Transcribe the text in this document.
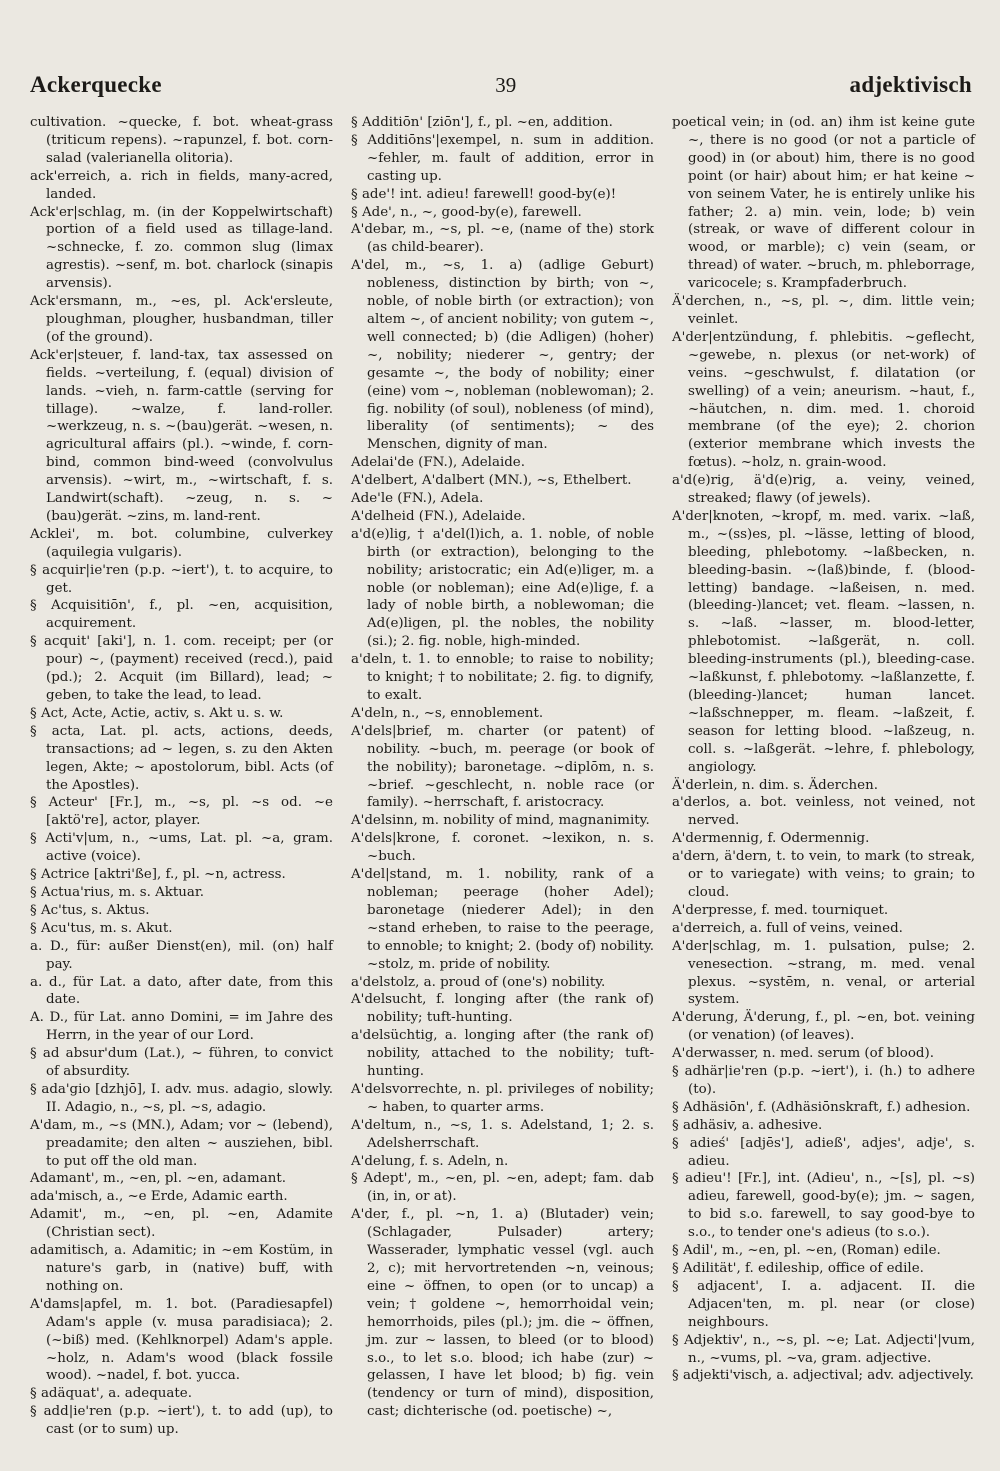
Ackerquecke	39	adjektivisch

cultivation. ~quecke, f. bot. wheat-grass (triticum repens). ~rapunzel, f. bot. corn-salad (valerianella olitoria).

ack'erreich, a. rich in fields, many-acred, landed.

Ack'er|schlag, m. (in der Koppelwirtschaft) portion of a field used as tillage-land. ~schnecke, f. zo. common slug (limax agrestis). ~senf, m. bot. charlock (sinapis arvensis).

Ack'ersmann, m., ~es, pl. Ack'ersleute, ploughman, plougher, husbandman, tiller (of the ground).

Ack'er|steuer, f. land-tax, tax assessed on fields. ~verteilung, f. (equal) division of lands. ~vieh, n. farm-cattle (serving for tillage). ~walze, f. land-roller. ~werkzeug, n. s. ~(bau)gerät. ~wesen, n. agricultural affairs (pl.). ~winde, f. corn-bind, common bind-weed (convolvulus arvensis). ~wirt, m., ~wirtschaft, f. s. Landwirt(schaft). ~zeug, n. s. ~(bau)gerät. ~zins, m. land-rent.

Acklei', m. bot. columbine, culverkey (aquilegia vulgaris).

§ acquir|ie'ren (p.p. ~iert'), t. to acquire, to get.

§ Acquisitiōn', f., pl. ~en, acquisition, acquirement.

§ acquit' [aki'], n. 1. com. receipt; per (or pour) ~, (payment) received (recd.), paid (pd.); 2. Acquit (im Billard), lead; ~ geben, to take the lead, to lead.

§ Act, Acte, Actie, activ, s. Akt u. s. w.

§ acta, Lat. pl. acts, actions, deeds, transactions; ad ~ legen, s. zu den Akten legen, Akte; ~ apostolorum, bibl. Acts (of the Apostles).

§ Acteur' [Fr.], m., ~s, pl. ~s od. ~e [aktö're], actor, player.

§ Acti'v|um, n., ~ums, Lat. pl. ~a, gram. active (voice).

§ Actrice [aktri'ße], f., pl. ~n, actress.

§ Actua'rius, m. s. Aktuar.

§ Ac'tus, s. Aktus.

§ Acu'tus, m. s. Akut.

a. D., für: außer Dienst(en), mil. (on) half pay.

a. d., für Lat. a dato, after date, from this date.

A. D., für Lat. anno Domini, = im Jahre des Herrn, in the year of our Lord.

§ ad absur'dum (Lat.), ~ führen, to convict of absurdity.

§ ada'gio [dzhjō], I. adv. mus. adagio, slowly. II. Adagio, n., ~s, pl. ~s, adagio.

A'dam, m., ~s (MN.), Adam; vor ~ (lebend), preadamite; den alten ~ ausziehen, bibl. to put off the old man.

Adamant', m., ~en, pl. ~en, adamant.

ada'misch, a., ~e Erde, Adamic earth.

Adamit', m., ~en, pl. ~en, Adamite (Christian sect).

adamitisch, a. Adamitic; in ~em Kostüm, in nature's garb, in (native) buff, with nothing on.

A'dams|apfel, m. 1. bot. (Paradiesapfel) Adam's apple (v. musa paradisiaca); 2. (~biß) med. (Kehlknorpel) Adam's apple. ~holz, n. Adam's wood (black fossile wood). ~nadel, f. bot. yucca.

§ adäquat', a. adequate.

§ add|ie'ren (p.p. ~iert'), t. to add (up), to cast (or to sum) up.

§ Additiōn' [ziōn'], f., pl. ~en, addition.

§ Additiōns'|exempel, n. sum in addition. ~fehler, m. fault of addition, error in casting up.

§ ade'! int. adieu! farewell! good-by(e)!

§ Ade', n., ~, good-by(e), farewell.

A'debar, m., ~s, pl. ~e, (name of the) stork (as child-bearer).

A'del, m., ~s, 1. a) (adlige Geburt) nobleness, distinction by birth; von ~, noble, of noble birth (or extraction); von altem ~, of ancient nobility; von gutem ~, well connected; b) (die Adligen) (hoher) ~, nobility; niederer ~, gentry; der gesamte ~, the body of nobility; einer (eine) vom ~, nobleman (noblewoman); 2. fig. nobility (of soul), nobleness (of mind), liberality (of sentiments); ~ des Menschen, dignity of man.

Adelai'de (FN.), Adelaide.

A'delbert, A'dalbert (MN.), ~s, Ethelbert.

Ade'le (FN.), Adela.

A'delheid (FN.), Adelaide.

a'd(e)lig, † a'del(l)ich, a. 1. noble, of noble birth (or extraction), belonging to the nobility; aristocratic; ein Ad(e)liger, m. a noble (or nobleman); eine Ad(e)lige, f. a lady of noble birth, a noblewoman; die Ad(e)ligen, pl. the nobles, the nobility (si.); 2. fig. noble, high-minded.

a'deln, t. 1. to ennoble; to raise to nobility; to knight; † to nobilitate; 2. fig. to dignify, to exalt.

A'deln, n., ~s, ennoblement.

A'dels|brief, m. charter (or patent) of nobility. ~buch, m. peerage (or book of the nobility); baronetage. ~diplōm, n. s. ~brief. ~geschlecht, n. noble race (or family). ~herrschaft, f. aristocracy.

A'delsinn, m. nobility of mind, magnanimity.

A'dels|krone, f. coronet. ~lexikon, n. s. ~buch.

A'del|stand, m. 1. nobility, rank of a nobleman; peerage (hoher Adel); baronetage (niederer Adel); in den ~stand erheben, to raise to the peerage, to ennoble; to knight; 2. (body of) nobility. ~stolz, m. pride of nobility.

a'delstolz, a. proud of (one's) nobility.

A'delsucht, f. longing after (the rank of) nobility; tuft-hunting.

a'delsüchtig, a. longing after (the rank of) nobility, attached to the nobility; tuft-hunting.

A'delsvorrechte, n. pl. privileges of nobility; ~ haben, to quarter arms.

A'deltum, n., ~s, 1. s. Adelstand, 1; 2. s. Adelsherrschaft.

A'delung, f. s. Adeln, n.

§ Adept', m., ~en, pl. ~en, adept; fam. dab (in, in, or at).

A'der, f., pl. ~n, 1. a) (Blutader) vein; (Schlagader, Pulsader) artery; Wasserader, lymphatic vessel (vgl. auch 2, c); mit hervortretenden ~n, veinous; eine ~ öffnen, to open (or to uncap) a vein; † goldene ~, hemorrhoidal vein; hemorrhoids, piles (pl.); jm. die ~ öffnen, jm. zur ~ lassen, to bleed (or to blood) s.o., to let s.o. blood; ich habe (zur) ~ gelassen, I have let blood; b) fig. vein (tendency or turn of mind), disposition, cast; dichterische (od. poetische) ~,

poetical vein; in (od. an) ihm ist keine gute ~, there is no good (or not a particle of good) in (or about) him, there is no good point (or hair) about him; er hat keine ~ von seinem Vater, he is entirely unlike his father; 2. a) min. vein, lode; b) vein (streak, or wave of different colour in wood, or marble); c) vein (seam, or thread) of water. ~bruch, m. phleborrage, varicocele; s. Krampfaderbruch.

Ä'derchen, n., ~s, pl. ~, dim. little vein; veinlet.

A'der|entzündung, f. phlebitis. ~geflecht, ~gewebe, n. plexus (or net-work) of veins. ~geschwulst, f. dilatation (or swelling) of a vein; aneurism. ~haut, f., ~häutchen, n. dim. med. 1. choroid membrane (of the eye); 2. chorion (exterior membrane which invests the fœtus). ~holz, n. grain-wood.

a'd(e)rig, ä'd(e)rig, a. veiny, veined, streaked; flawy (of jewels).

A'der|knoten, ~kropf, m. med. varix. ~laß, m., ~(ss)es, pl. ~lässe, letting of blood, bleeding, phlebotomy. ~laßbecken, n. bleeding-basin. ~(laß)binde, f. (blood-letting) bandage. ~laßeisen, n. med. (bleeding-)lancet; vet. fleam. ~lassen, n. s. ~laß. ~lasser, m. blood-letter, phlebotomist. ~laßgerät, n. coll. bleeding-instruments (pl.), bleeding-case. ~laßkunst, f. phlebotomy. ~laßlanzette, f. (bleeding-)lancet; human lancet. ~laßschnepper, m. fleam. ~laßzeit, f. season for letting blood. ~laßzeug, n. coll. s. ~laßgerät. ~lehre, f. phlebology, angiology.

Ä'derlein, n. dim. s. Äderchen.

a'derlos, a. bot. veinless, not veined, not nerved.

A'dermennig, f. Odermennig.

a'dern, ä'dern, t. to vein, to mark (to streak, or to variegate) with veins; to grain; to cloud.

A'derpresse, f. med. tourniquet.

a'derreich, a. full of veins, veined.

A'der|schlag, m. 1. pulsation, pulse; 2. venesection. ~strang, m. med. venal plexus. ~systēm, n. venal, or arterial system.

A'derung, Ä'derung, f., pl. ~en, bot. veining (or venation) (of leaves).

A'derwasser, n. med. serum (of blood).

§ adhär|ie'ren (p.p. ~iert'), i. (h.) to adhere (to).

§ Adhäsiōn', f. (Adhäsiōnskraft, f.) adhesion.

§ adhäsiv, a. adhesive.

§ adieś' [adjēs'], adieß', adjes', adje', s. adieu.

§ adieu'! [Fr.], int. (Adieu', n., ~[s], pl. ~s) adieu, farewell, good-by(e); jm. ~ sagen, to bid s.o. farewell, to say good-bye to s.o., to tender one's adieus (to s.o.).

§ Adil', m., ~en, pl. ~en, (Roman) edile.

§ Adilität', f. edileship, office of edile.

§ adjacent', I. a. adjacent. II. die Adjacen'ten, m. pl. near (or close) neighbours.

§ Adjektiv', n., ~s, pl. ~e; Lat. Adjecti'|vum, n., ~vums, pl. ~va, gram. adjective.

§ adjekti'visch, a. adjectival; adv. adjectively.
